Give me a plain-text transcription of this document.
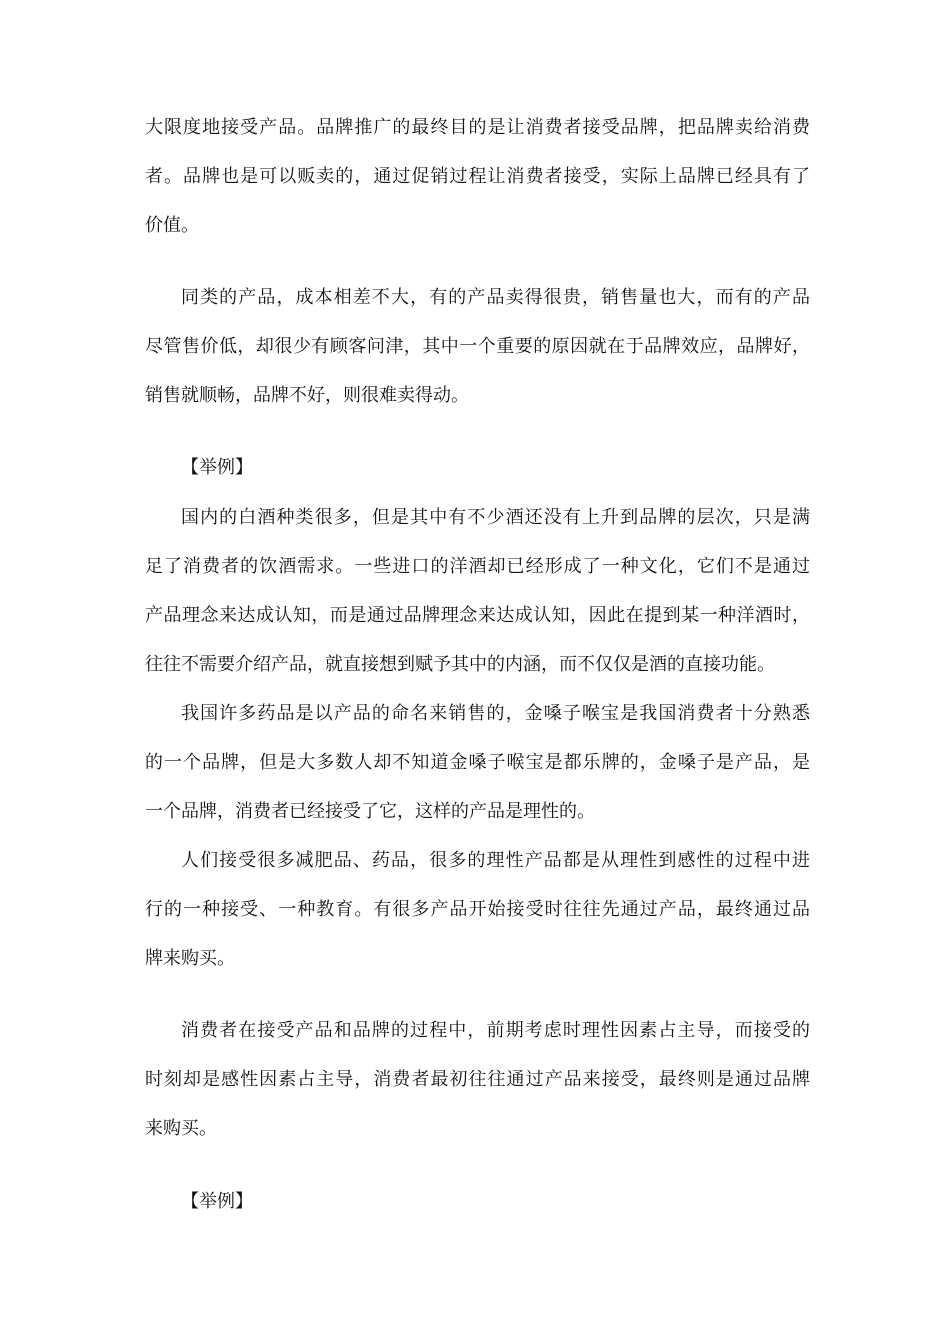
大限度地接受产品。品牌推广的最终目的是让消费者接受品牌，把品牌卖给消费
者。品牌也是可以贩卖的，通过促销过程让消费者接受，实际上品牌已经具有了
价值。
同类的产品，成本相差不大，有的产品卖得很贵，销售量也大，而有的产品
尽管售价低，却很少有顾客问津，其中一个重要的原因就在于品牌效应，品牌好，
销售就顺畅，品牌不好，则很难卖得动。
【举例】
国内的白酒种类很多，但是其中有不少酒还没有上升到品牌的层次，只是满
足了消费者的饮酒需求。一些进口的洋酒却已经形成了一种文化，它们不是通过
产品理念来达成认知，而是通过品牌理念来达成认知，因此在提到某一种洋酒时，
往往不需要介绍产品，就直接想到赋予其中的内涵，而不仅仅是酒的直接功能。
我国许多药品是以产品的命名来销售的，金嗓子喉宝是我国消费者十分熟悉
的一个品牌，但是大多数人却不知道金嗓子喉宝是都乐牌的，金嗓子是产品，是
一个品牌，消费者已经接受了它，这样的产品是理性的。
人们接受很多减肥品、药品，很多的理性产品都是从理性到感性的过程中进
行的一种接受、一种教育。有很多产品开始接受时往往先通过产品，最终通过品
牌来购买。
消费者在接受产品和品牌的过程中，前期考虑时理性因素占主导，而接受的
时刻却是感性因素占主导，消费者最初往往通过产品来接受，最终则是通过品牌
来购买。
【举例】
